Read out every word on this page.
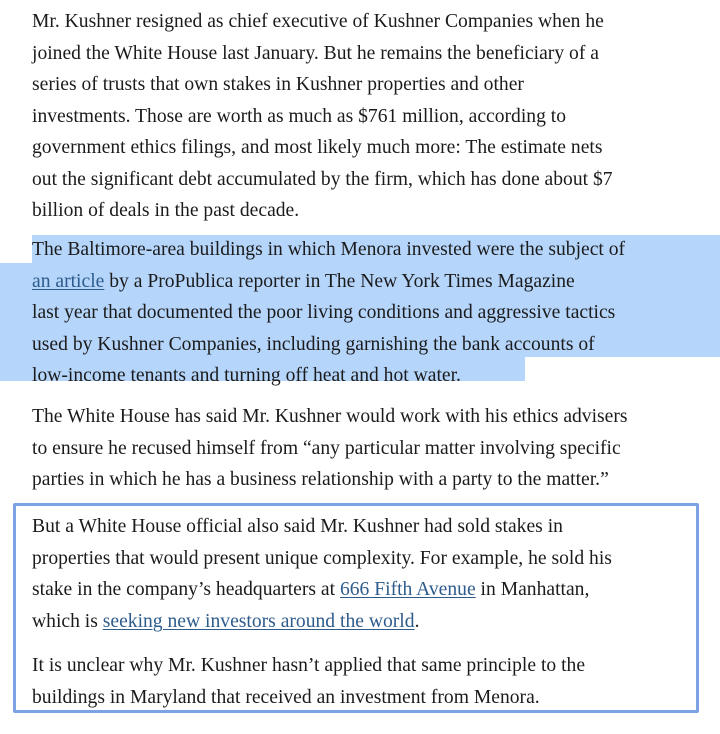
Mr. Kushner resigned as chief executive of Kushner Companies when he
joined the White House last January. But he remains the beneficiary of a
series of trusts that own stakes in Kushner properties and other
investments. Those are worth as much as $761 million, according to
government ethics filings, and most likely much more: The estimate nets
out the significant debt accumulated by the firm, which has done about $7
billion of deals in the past decade.

The Baltimore-area buildings in which Menora invested were the subject of
an article by a ProPublica reporter in The New York Times Magazine
last year that documented the poor living conditions and aggressive tactics
used by Kushner Companies, including garnishing the bank accounts of
low-income tenants and turning off heat and hot water.

The White House has said Mr. Kushner would work with his ethics advisers
to ensure he recused himself from “any particular matter involving specific
parties in which he has a business relationship with a party to the matter.”

But a White House official also said Mr. Kushner had sold stakes in
properties that would present unique complexity. For example, he sold his
stake in the company’s headquarters at 666 Fifth Avenue in Manhattan,
which is seeking new investors around the world.

It is unclear why Mr. Kushner hasn’t applied that same principle to the
buildings in Maryland that received an investment from Menora.
